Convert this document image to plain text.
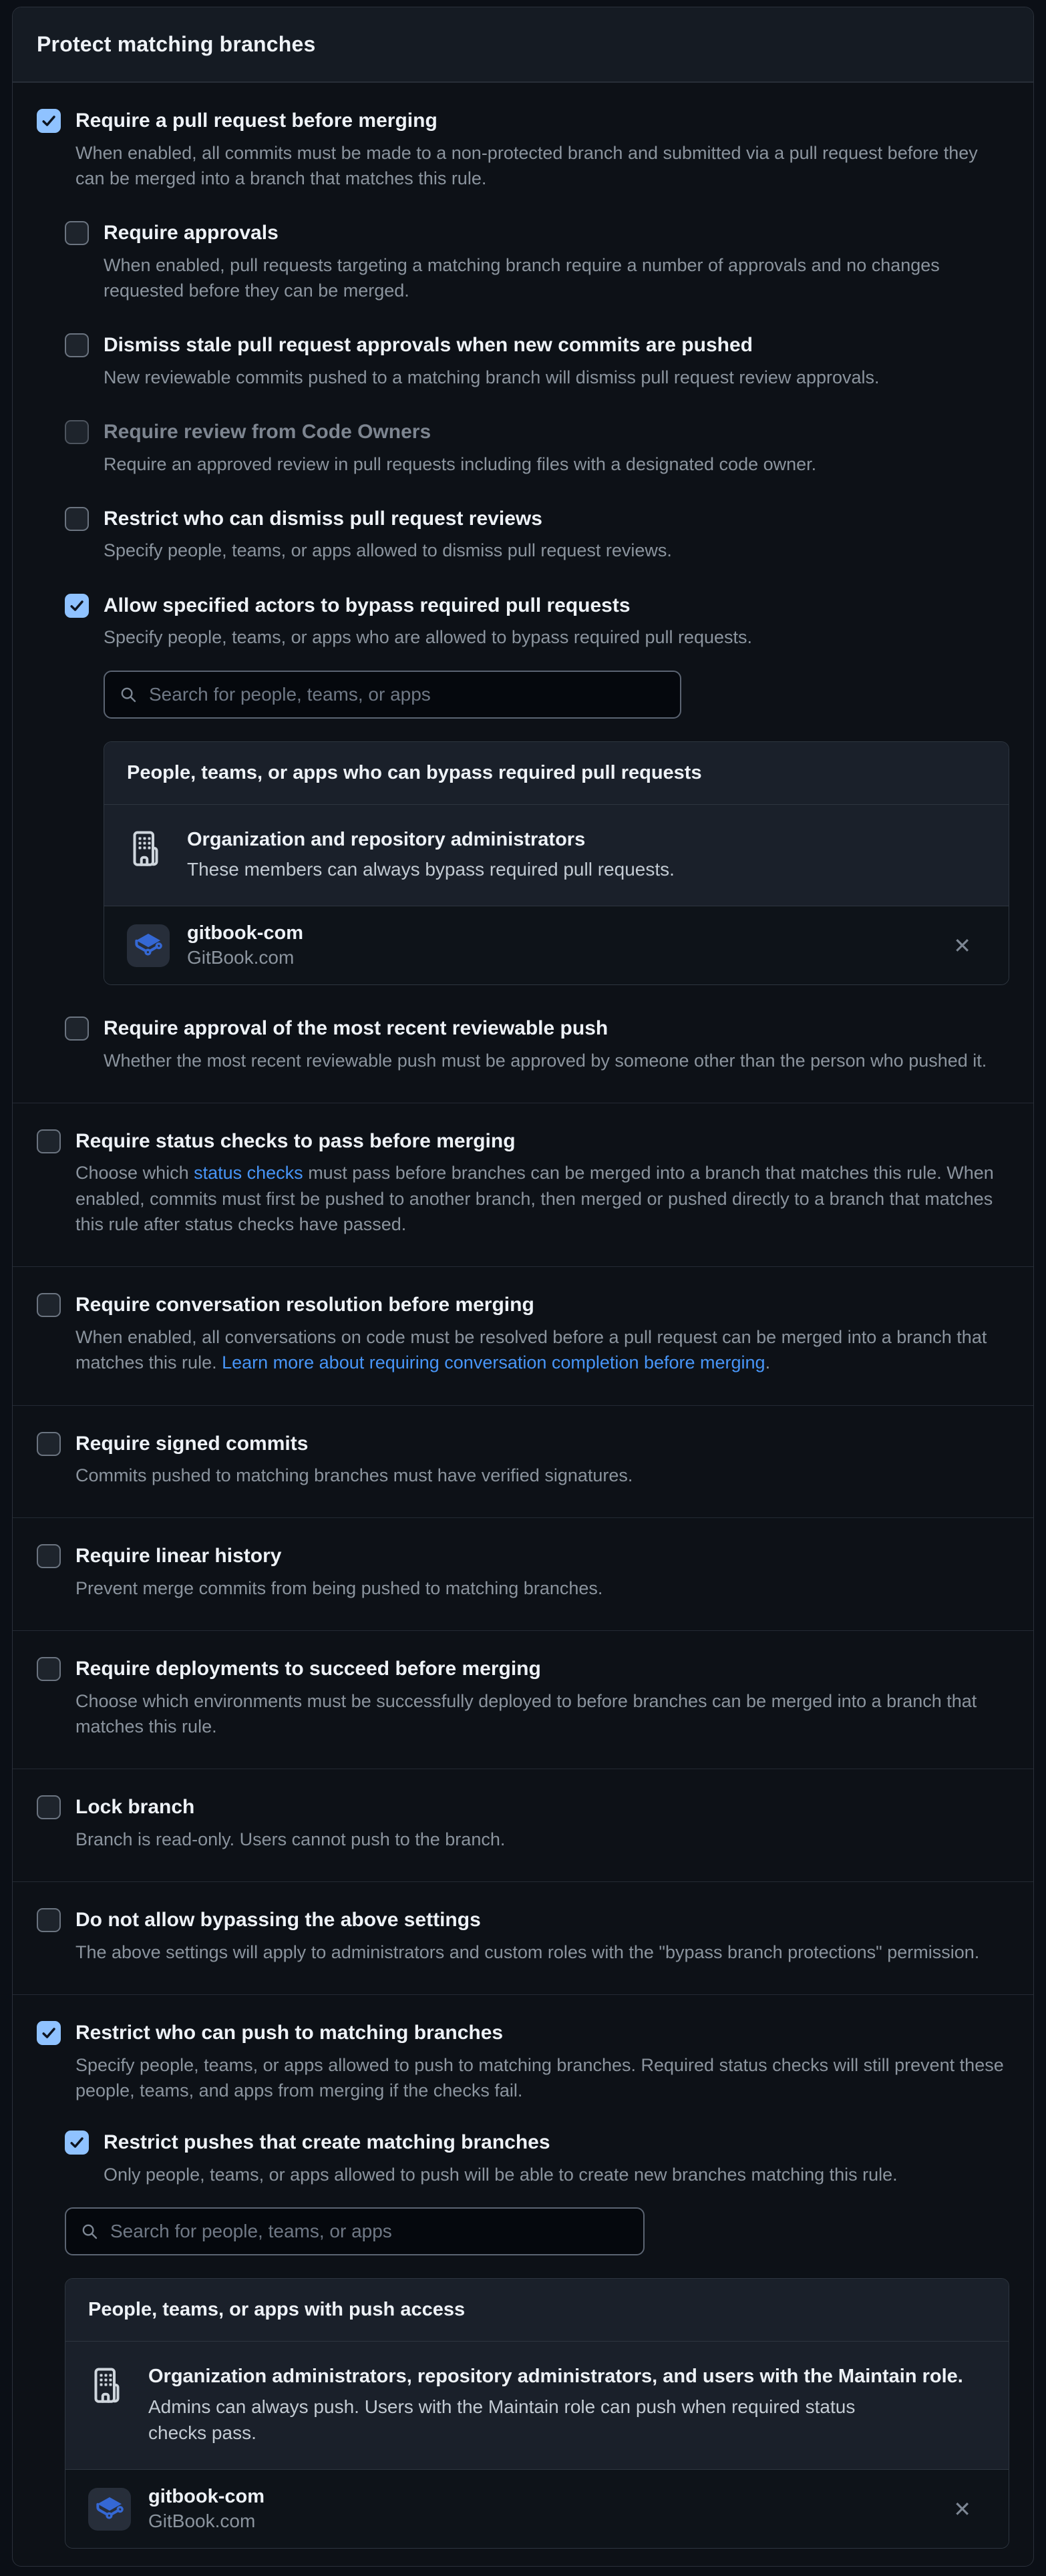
Protect matching branches
Require a pull request before merging
When enabled, all commits must be made to a non-protected branch and submitted via a pull request before they can be merged into a branch that matches this rule.
Require approvals
When enabled, pull requests targeting a matching branch require a number of approvals and no changes requested before they can be merged.
Dismiss stale pull request approvals when new commits are pushed
New reviewable commits pushed to a matching branch will dismiss pull request review approvals.
Require review from Code Owners
Require an approved review in pull requests including files with a designated code owner.
Restrict who can dismiss pull request reviews
Specify people, teams, or apps allowed to dismiss pull request reviews.
Allow specified actors to bypass required pull requests
Specify people, teams, or apps who are allowed to bypass required pull requests.
Search for people, teams, or apps
People, teams, or apps who can bypass required pull requests
Organization and repository administrators
These members can always bypass required pull requests.
gitbook-com
GitBook.com	✕
Require approval of the most recent reviewable push
Whether the most recent reviewable push must be approved by someone other than the person who pushed it.
Require status checks to pass before merging
Choose which status checks must pass before branches can be merged into a branch that matches this rule. When enabled, commits must first be pushed to another branch, then merged or pushed directly to a branch that matches this rule after status checks have passed.
Require conversation resolution before merging
When enabled, all conversations on code must be resolved before a pull request can be merged into a branch that matches this rule. Learn more about requiring conversation completion before merging.
Require signed commits
Commits pushed to matching branches must have verified signatures.
Require linear history
Prevent merge commits from being pushed to matching branches.
Require deployments to succeed before merging
Choose which environments must be successfully deployed to before branches can be merged into a branch that matches this rule.
Lock branch
Branch is read-only. Users cannot push to the branch.
Do not allow bypassing the above settings
The above settings will apply to administrators and custom roles with the "bypass branch protections" permission.
Restrict who can push to matching branches
Specify people, teams, or apps allowed to push to matching branches. Required status checks will still prevent these people, teams, and apps from merging if the checks fail.
Restrict pushes that create matching branches
Only people, teams, or apps allowed to push will be able to create new branches matching this rule.
Search for people, teams, or apps
People, teams, or apps with push access
Organization administrators, repository administrators, and users with the Maintain role.
Admins can always push. Users with the Maintain role can push when required status checks pass.
gitbook-com
GitBook.com	✕
